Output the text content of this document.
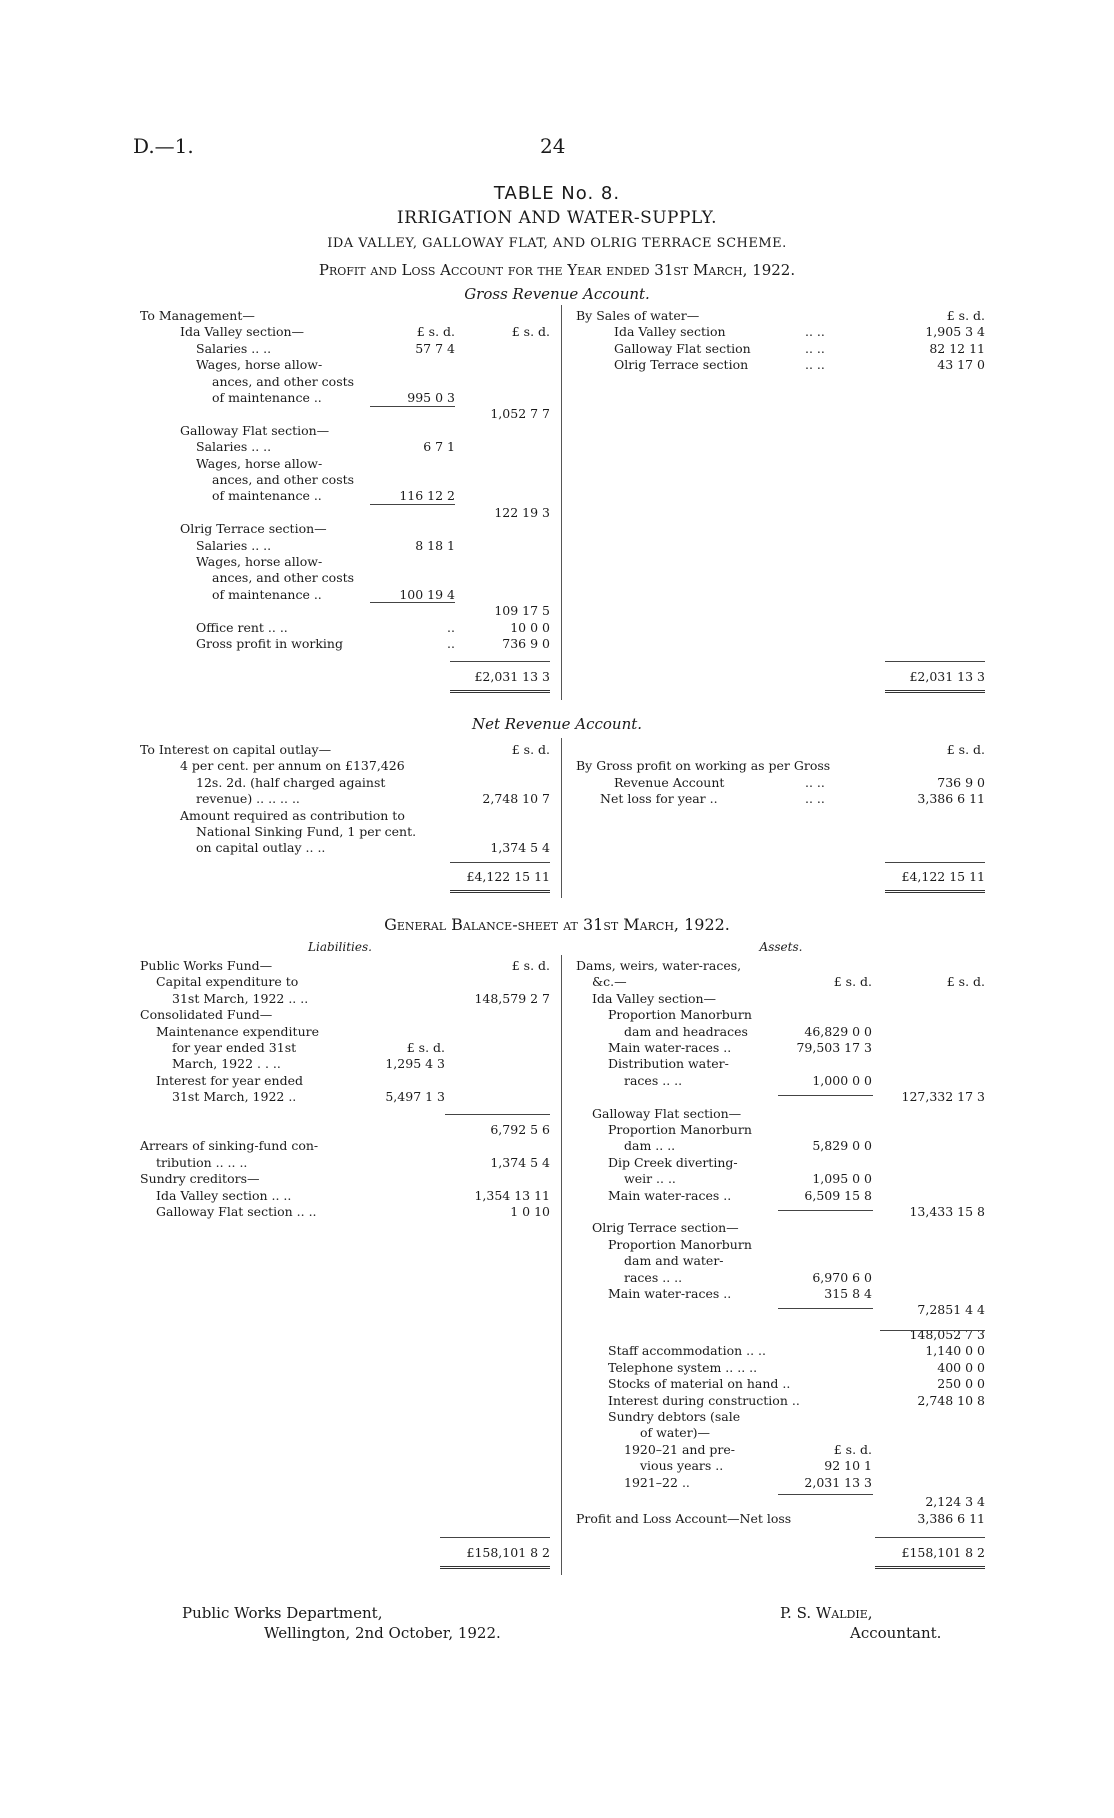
D.—1.	24
TABLE No. 8.
IRRIGATION AND WATER-SUPPLY.
IDA VALLEY, GALLOWAY FLAT, AND OLRIG TERRACE SCHEME.
Profit and Loss Account for the Year ended 31st March, 1922.
Gross Revenue Account.
To Management—
Ida Valley section—	£ s. d.	£ s. d.
Salaries .. ..	57 7 4
Wages, horse allow-
ances, and other costs
of maintenance ..	995 0 3
1,052 7 7
Galloway Flat section—
Salaries .. ..	6 7 1
Wages, horse allow-
ances, and other costs
of maintenance ..	116 12 2
122 19 3
Olrig Terrace section—
Salaries .. ..	8 18 1
Wages, horse allow-
ances, and other costs
of maintenance ..	100 19 4
109 17 5
Office rent .. ..	..	10 0 0
Gross profit in working	..	736 9 0
By Sales of water—	£ s. d.
Ida Valley section	.. ..	1,905 3 4
Galloway Flat section	.. ..	82 12 11
Olrig Terrace section	.. ..	43 17 0
£2,031 13 3	£2,031 13 3
Net Revenue Account.
To Interest on capital outlay—	£ s. d.
4 per cent. per annum on £137,426
12s. 2d. (half charged against
revenue) .. .. .. ..	2,748 10 7
Amount required as contribution to
National Sinking Fund, 1 per cent.
on capital outlay .. ..	1,374 5 4
£ s. d.
By Gross profit on working as per Gross
Revenue Account	.. ..	736 9 0
Net loss for year ..	.. ..	3,386 6 11
£4,122 15 11	£4,122 15 11
General Balance-sheet at 31st March, 1922.
Liabilities.	Assets.
Public Works Fund—	£ s. d.
Capital expenditure to
31st March, 1922 .. ..	148,579 2 7
Consolidated Fund—
Maintenance expenditure
for year ended 31st	£ s. d.
March, 1922 . . ..	1,295 4 3
Interest for year ended
31st March, 1922 ..	5,497 1 3
6,792 5 6
Arrears of sinking-fund con-
tribution .. .. ..	1,374 5 4
Sundry creditors—
Ida Valley section .. ..	1,354 13 11
Galloway Flat section .. ..	1 0 10
Dams, weirs, water-races,
&c.—	£ s. d.	£ s. d.
Ida Valley section—
Proportion Manorburn
dam and headraces	46,829 0 0
Main water-races ..	79,503 17 3
Distribution water-
races .. ..	1,000 0 0
127,332 17 3
Galloway Flat section—
Proportion Manorburn
dam .. ..	5,829 0 0
Dip Creek diverting-
weir .. ..	1,095 0 0
Main water-races ..	6,509 15 8
13,433 15 8
Olrig Terrace section—
Proportion Manorburn
dam and water-
races .. ..	6,970 6 0
Main water-races ..	315 8 4
7,2851 4 4
148,052 7 3
Staff accommodation .. ..	1,140 0 0
Telephone system .. .. ..	400 0 0
Stocks of material on hand ..	250 0 0
Interest during construction ..	2,748 10 8
Sundry debtors (sale
of water)—
1920–21 and pre-	£ s. d.
vious years ..	92 10 1
1921–22 ..	2,031 13 3
2,124 3 4
Profit and Loss Account—Net loss	3,386 6 11
£158,101 8 2	£158,101 8 2
Public Works Department,
Wellington, 2nd October, 1922.
P. S. Waldie,
Accountant.
